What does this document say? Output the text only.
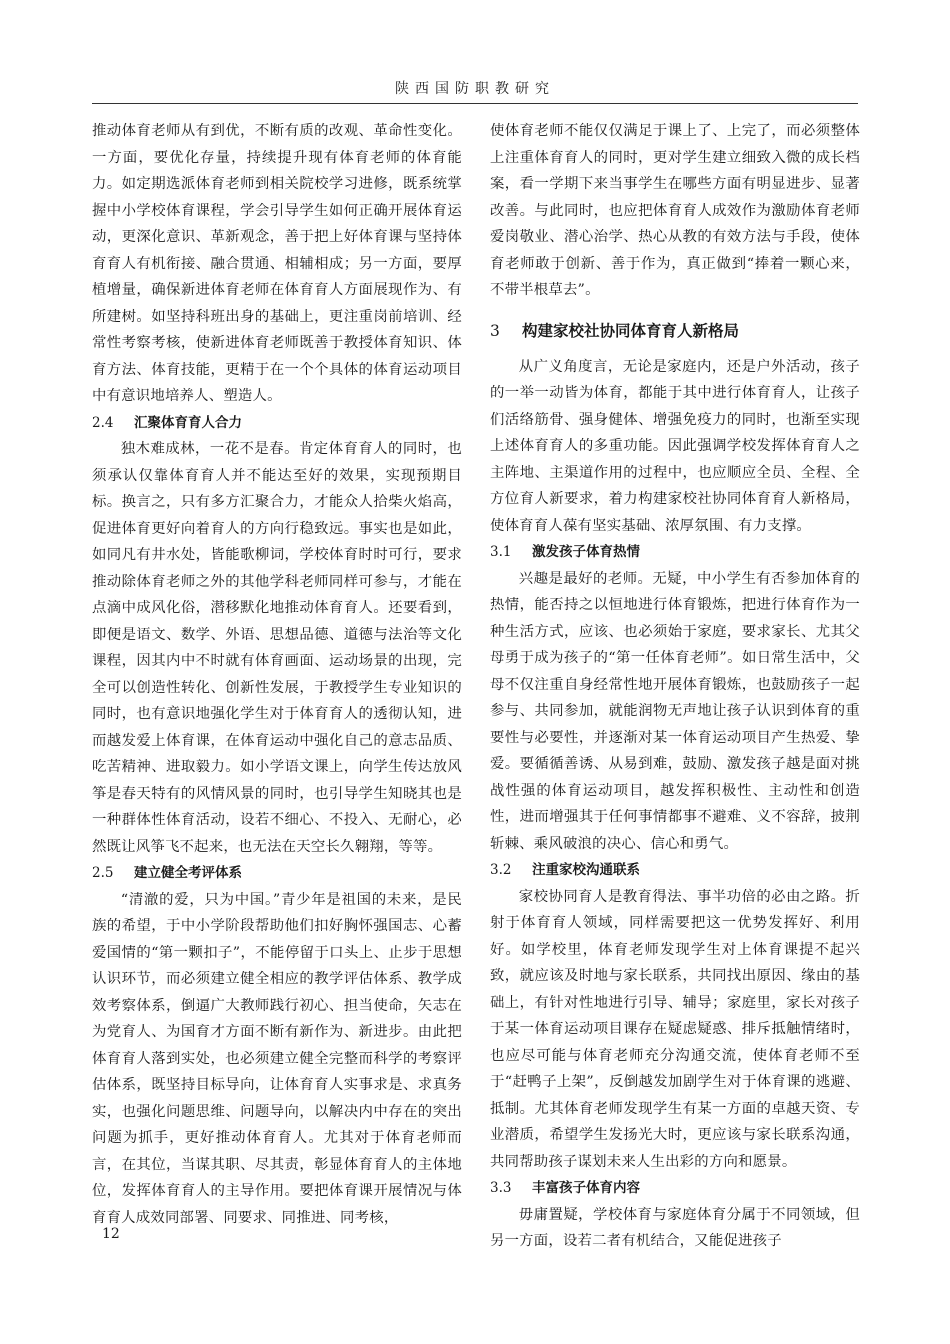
陕西国防职教研究

推动体育老师从有到优，不断有质的改观、革命性变化。一方面，要优化存量，持续提升现有体育老师的体育能力。如定期选派体育老师到相关院校学习进修，既系统掌握中小学校体育课程，学会引导学生如何正确开展体育运动，更深化意识、革新观念，善于把上好体育课与坚持体育育人有机衔接、融合贯通、相辅相成；另一方面，要厚植增量，确保新进体育老师在体育育人方面展现作为、有所建树。如坚持科班出身的基础上，更注重岗前培训、经常性考察考核，使新进体育老师既善于教授体育知识、体育方法、体育技能，更精于在一个个具体的体育运动项目中有意识地培养人、塑造人。

2.4 汇聚体育育人合力

独木难成林，一花不是春。肯定体育育人的同时，也须承认仅靠体育育人并不能达至好的效果，实现预期目标。换言之，只有多方汇聚合力，才能众人拾柴火焰高，促进体育更好向着育人的方向行稳致远。事实也是如此，如同凡有井水处，皆能歌柳词，学校体育时时可行，要求推动除体育老师之外的其他学科老师同样可参与，才能在点滴中成风化俗，潜移默化地推动体育育人。还要看到，即便是语文、数学、外语、思想品德、道德与法治等文化课程，因其内中不时就有体育画面、运动场景的出现，完全可以创造性转化、创新性发展，于教授学生专业知识的同时，也有意识地强化学生对于体育育人的透彻认知，进而越发爱上体育课，在体育运动中强化自己的意志品质、吃苦精神、进取毅力。如小学语文课上，向学生传达放风筝是春天特有的风情风景的同时，也引导学生知晓其也是一种群体性体育活动，设若不细心、不投入、无耐心，必然既让风筝飞不起来，也无法在天空长久翱翔，等等。

2.5 建立健全考评体系

“清澈的爱，只为中国。”青少年是祖国的未来，是民族的希望，于中小学阶段帮助他们扣好胸怀强国志、心蓄爱国情的“第一颗扣子”，不能停留于口头上、止步于思想认识环节，而必须建立健全相应的教学评估体系、教学成效考察体系，倒逼广大教师践行初心、担当使命，矢志在为党育人、为国育才方面不断有新作为、新进步。由此把体育育人落到实处，也必须建立健全完整而科学的考察评估体系，既坚持目标导向，让体育育人实事求是、求真务实，也强化问题思维、问题导向，以解决内中存在的突出问题为抓手，更好推动体育育人。尤其对于体育老师而言，在其位，当谋其职、尽其责，彰显体育育人的主体地位，发挥体育育人的主导作用。要把体育课开展情况与体育育人成效同部署、同要求、同推进、同考核，

使体育老师不能仅仅满足于课上了、上完了，而必须整体上注重体育育人的同时，更对学生建立细致入微的成长档案，看一学期下来当事学生在哪些方面有明显进步、显著改善。与此同时，也应把体育育人成效作为激励体育老师爱岗敬业、潜心治学、热心从教的有效方法与手段，使体育老师敢于创新、善于作为，真正做到“捧着一颗心来，不带半根草去”。

3 构建家校社协同体育育人新格局

从广义角度言，无论是家庭内，还是户外活动，孩子的一举一动皆为体育，都能于其中进行体育育人，让孩子们活络筋骨、强身健体、增强免疫力的同时，也渐至实现上述体育育人的多重功能。因此强调学校发挥体育育人之主阵地、主渠道作用的过程中，也应顺应全员、全程、全方位育人新要求，着力构建家校社协同体育育人新格局，使体育育人葆有坚实基础、浓厚氛围、有力支撑。

3.1 激发孩子体育热情

兴趣是最好的老师。无疑，中小学生有否参加体育的热情，能否持之以恒地进行体育锻炼，把进行体育作为一种生活方式，应该、也必须始于家庭，要求家长、尤其父母勇于成为孩子的“第一任体育老师”。如日常生活中，父母不仅注重自身经常性地开展体育锻炼，也鼓励孩子一起参与、共同参加，就能润物无声地让孩子认识到体育的重要性与必要性，并逐渐对某一体育运动项目产生热爱、挚爱。要循循善诱、从易到难，鼓励、激发孩子越是面对挑战性强的体育运动项目，越发挥积极性、主动性和创造性，进而增强其于任何事情都事不避难、义不容辞，披荆斩棘、乘风破浪的决心、信心和勇气。

3.2 注重家校沟通联系

家校协同育人是教育得法、事半功倍的必由之路。折射于体育育人领域，同样需要把这一优势发挥好、利用好。如学校里，体育老师发现学生对上体育课提不起兴致，就应该及时地与家长联系，共同找出原因、缘由的基础上，有针对性地进行引导、辅导；家庭里，家长对孩子于某一体育运动项目课存在疑虑疑惑、排斥抵触情绪时，也应尽可能与体育老师充分沟通交流，使体育老师不至于“赶鸭子上架”，反倒越发加剧学生对于体育课的逃避、抵制。尤其体育老师发现学生有某一方面的卓越天资、专业潜质，希望学生发扬光大时，更应该与家长联系沟通，共同帮助孩子谋划未来人生出彩的方向和愿景。

3.3 丰富孩子体育内容

毋庸置疑，学校体育与家庭体育分属于不同领域，但另一方面，设若二者有机结合，又能促进孩子

12
